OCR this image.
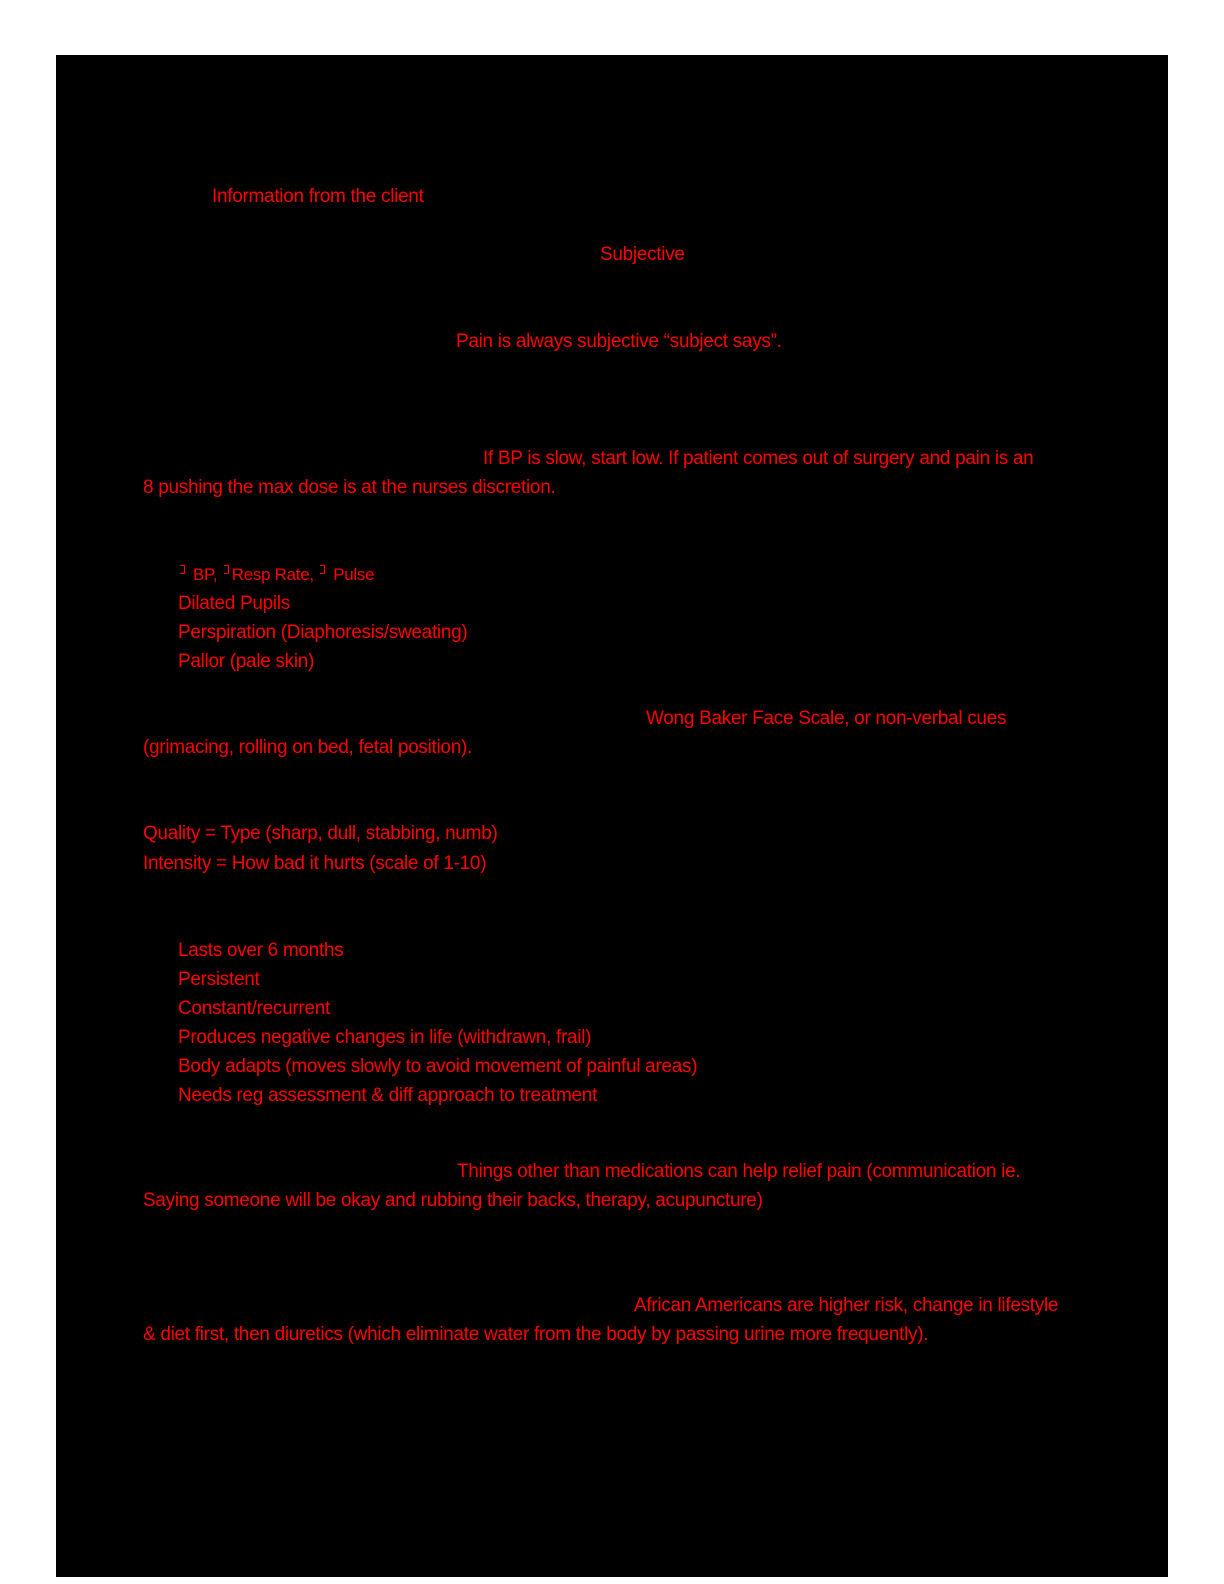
Information from the client
Subjective
Pain is always subjective “subject says”.
If BP is slow, start low. If patient comes out of surgery and pain is an
8 pushing the max dose is at the nurses discretion.
BP, Resp Rate, Pulse
Dilated Pupils
Perspiration (Diaphoresis/sweating)
Pallor (pale skin)
Wong Baker Face Scale, or non-verbal cues
(grimacing, rolling on bed, fetal position).
Quality = Type (sharp, dull, stabbing, numb)
Intensity = How bad it hurts (scale of 1-10)
Lasts over 6 months
Persistent
Constant/recurrent
Produces negative changes in life (withdrawn, frail)
Body adapts (moves slowly to avoid movement of painful areas)
Needs reg assessment & diff approach to treatment
Things other than medications can help relief pain (communication ie.
Saying someone will be okay and rubbing their backs, therapy, acupuncture)
African Americans are higher risk, change in lifestyle
& diet first, then diuretics (which eliminate water from the body by passing urine more frequently).
